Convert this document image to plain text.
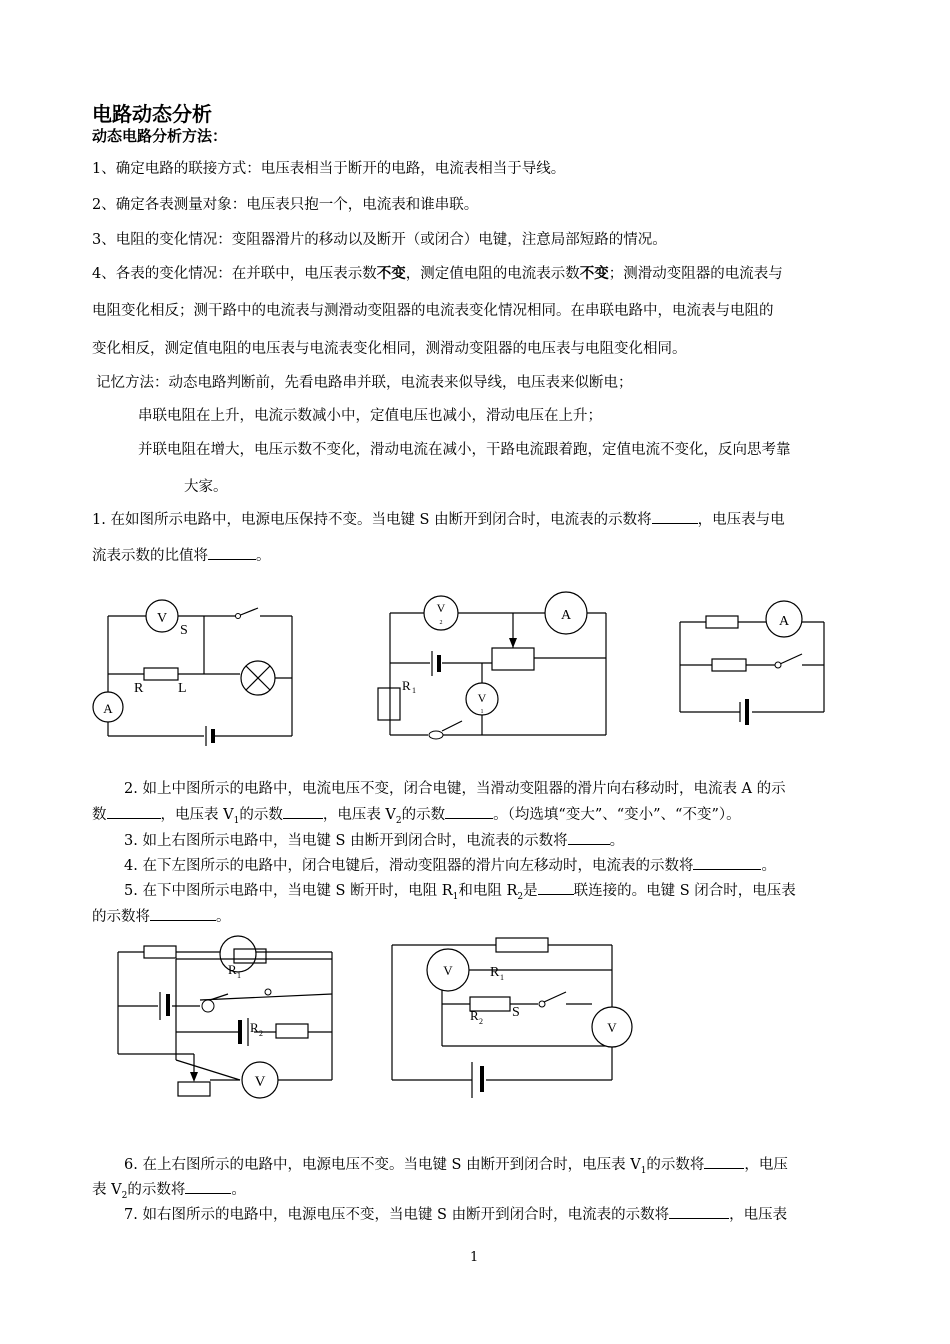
电路动态分析
动态电路分析方法：
1、确定电路的联接方式：电压表相当于断开的电路，电流表相当于导线。
2、确定各表测量对象：电压表只抱一个，电流表和谁串联。
3、电阻的变化情况：变阻器滑片的移动以及断开（或闭合）电键，注意局部短路的情况。
4、各表的变化情况：在并联中，电压表示数不变，测定值电阻的电流表示数不变；测滑动变阻器的电流表与
电阻变化相反；测干路中的电流表与测滑动变阻器的电流表变化情况相同。在串联电路中，电流表与电阻的
变化相反，测定值电阻的电压表与电流表变化相同，测滑动变阻器的电压表与电阻变化相同。
记忆方法：动态电路判断前，先看电路串并联，电流表来似导线，电压表来似断电；
串联电阻在上升，电流示数减小中，定值电压也减小，滑动电压在上升；
并联电阻在增大，电压示数不变化，滑动电流在减小，干路电流跟着跑，定值电流不变化，反向思考靠
大家。
1. 在如图所示电路中，电源电压保持不变。当电键 S 由断开到闭合时，电流表的示数将	，电压表与电
流表示数的比值将	。
V
S
R L
A
V
2	A
R 1
V
1
A
2. 如上中图所示的电路中，电流电压不变，闭合电键，当滑动变阻器的滑片向右移动时，电流表 A 的示
数	，电压表 $V_1$的示数	，电压表 $V_2$的示数	。（均选填“变大”、“变小”、“不变”）。
3. 如上右图所示电路中，当电键 S 由断开到闭合时，电流表的示数将	。
4. 在下左图所示的电路中，闭合电键后，滑动变阻器的滑片向左移动时，电流表的示数将	。
5. 在下中图所示电路中，当电键 S 断开时，电阻 $R_1$和电阻 $R_2$是 联连接的。电键 S 闭合时，电压表
的示数将	。
R 1
R 2
V
V	R 1
R 2
S
V
6. 在上右图所示的电路中，电源电压不变。当电键 S 由断开到闭合时，电压表 $V_1$的示数将	，电压
表 $V_2$的示数将	。
7. 如右图所示的电路中，电源电压不变，当电键 S 由断开到闭合时，电流表的示数将	，电压表
1
